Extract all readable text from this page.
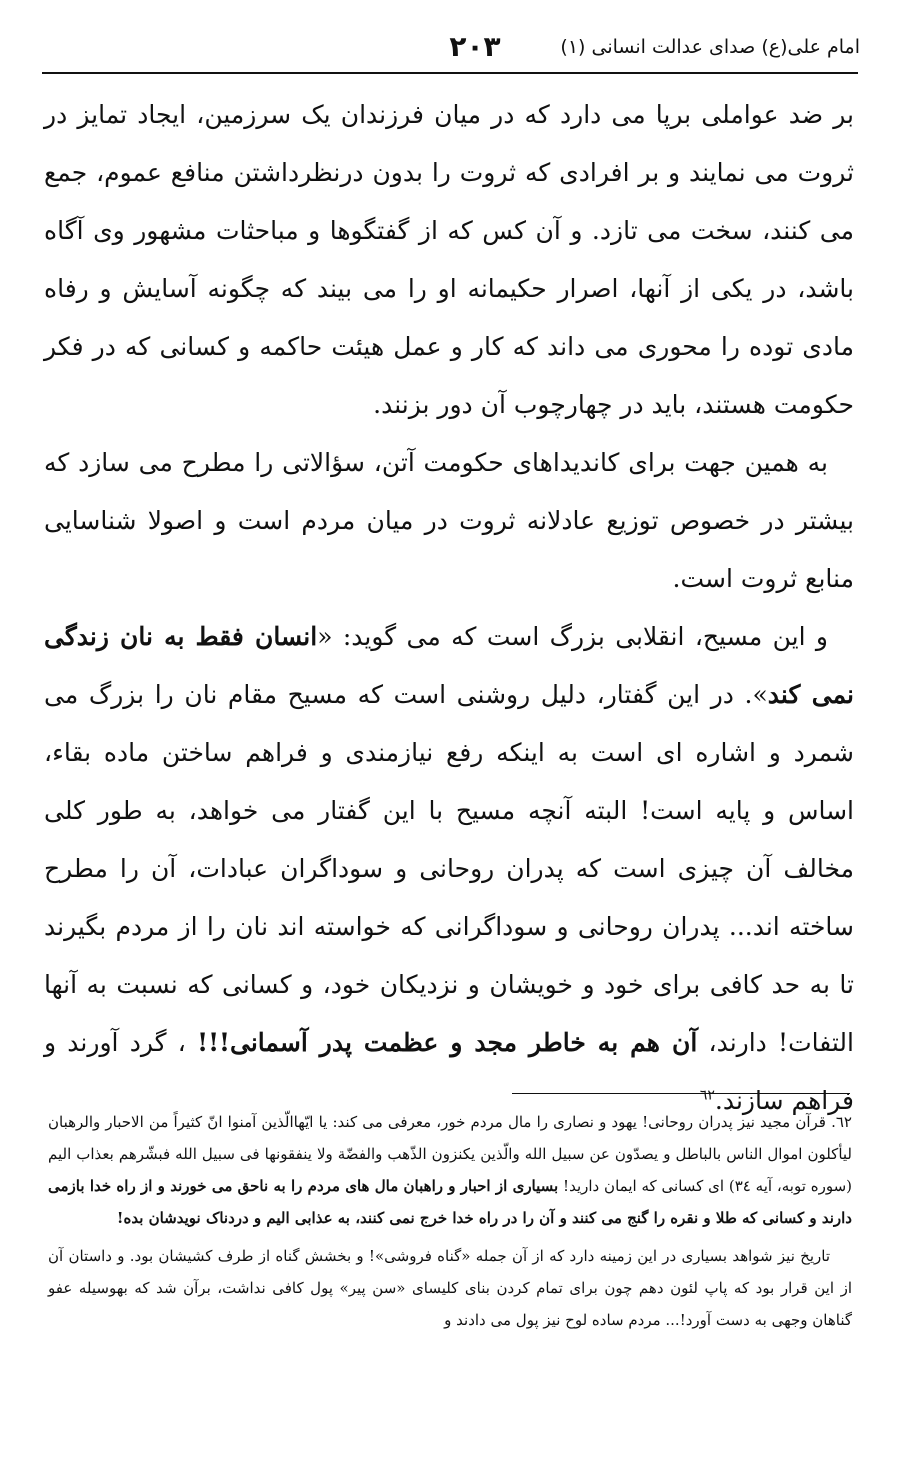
امام علی(ع) صدای عدالت انسانی (۱)
۲۰۳

بر ضد عواملی برپا می دارد که در میان فرزندان یک سرزمین، ایجاد تمایز در ثروت می نمایند و بر افرادی که ثروت را بدون درنظرداشتن منافع عموم، جمع می کنند، سخت می تازد. و آن کس که از گفتگوها و مباحثات مشهور وی آگاه باشد، در یکی از آنها، اصرار حکیمانه او را می بیند که چگونه آسایش و رفاه مادی توده را محوری می داند که کار و عمل هیئت حاکمه و کسانی که در فکر حکومت هستند، باید در چهارچوب آن دور بزنند.

به همین جهت برای کاندیداهای حکومت آتن، سؤالاتی را مطرح می سازد که بیشتر در خصوص توزیع عادلانه ثروت در میان مردم است و اصولا شناسایی منابع ثروت است.

و این مسیح، انقلابی بزرگ است که می گوید: «انسان فقط به نان زندگی نمی کند». در این گفتار، دلیل روشنی است که مسیح مقام نان را بزرگ می شمرد و اشاره ای است به اینکه رفع نیازمندی و فراهم ساختن ماده بقاء، اساس و پایه است! البته آنچه مسیح با این گفتار می خواهد، به طور کلی مخالف آن چیزی است که پدران روحانی و سوداگران عبادات، آن را مطرح ساخته اند... پدران روحانی و سوداگرانی که خواسته اند نان را از مردم بگیرند تا به حد کافی برای خود و خویشان و نزدیکان خود، و کسانی که نسبت به آنها التفات! دارند، آن هم به خاطر مجد و عظمت پدر آسمانی!!! ، گرد آورند و فراهم سازند.$^{٦٢}$

٦٢. قرآن مجید نیز پدران روحانی! یهود و نصاری را مال مردم خور، معرفی می کند: یا ایّهاالّذین آمنوا انّ کثیراً من الاحبار والرهبان لیأکلون اموال الناس بالباطل و یصدّون عن سبیل الله والّذین یکنزون الذّهب والفضّة ولا ینفقونها فی سبیل الله فبشّرهم بعذاب الیم (سوره توبه، آیه ٣٤) ای کسانی که ایمان دارید! بسیاری از احبار و راهبان مال های مردم را به ناحق می خورند و از راه خدا بازمی دارند و کسانی که طلا و نقره را گنج می کنند و آن را در راه خدا خرج نمی کنند، به عذابی الیم و دردناک نویدشان بده!

تاریخ نیز شواهد بسیاری در این زمینه دارد که از آن جمله «گناه فروشی»! و بخشش گناه از طرف کشیشان بود. و داستان آن از این قرار بود که پاپ لئون دهم چون برای تمام کردن بنای کلیسای «سن پیر» پول کافی نداشت، برآن شد که بهوسیله عفو گناهان وجهی به دست آورد!... مردم ساده لوح نیز پول می دادند و
